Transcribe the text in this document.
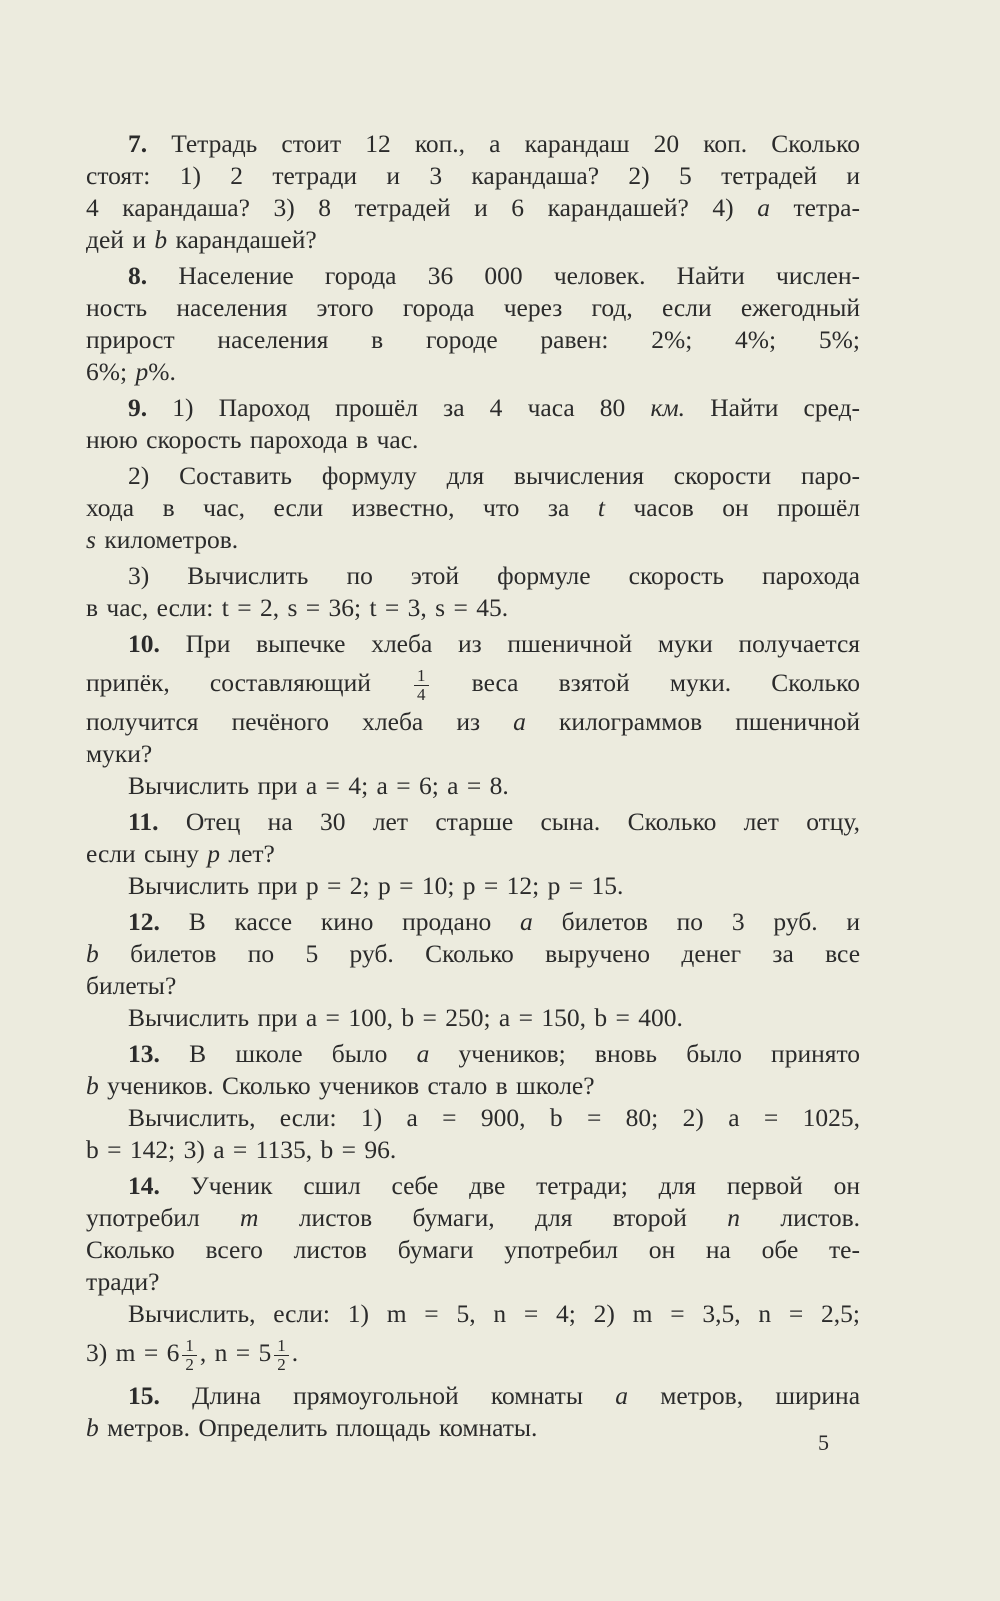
7. Тетрадь стоит 12 коп., а карандаш 20 коп. Сколько

стоят: 1) 2 тетради и 3 карандаша? 2) 5 тетрадей и

4 карандаша? 3) 8 тетрадей и 6 карандашей? 4) a тетра-

дей и b карандашей?

8. Население города 36 000 человек. Найти числен-

ность населения этого города через год, если ежегодный

прирост населения в городе равен: 2%; 4%; 5%;

6%; p%.

9. 1) Пароход прошёл за 4 часа 80 км. Найти сред-

нюю скорость парохода в час.

2) Составить формулу для вычисления скорости паро-

хода в час, если известно, что за t часов он прошёл

s километров.

3) Вычислить по этой формуле скорость парохода

в час, если: t = 2, s = 36; t = 3, s = 45.

10. При выпечке хлеба из пшеничной муки получается

припёк, составляющий	$\frac{1}{4}$ веса взятой муки. Сколько

получится печёного хлеба из a килограммов пшеничной

муки?

Вычислить при a = 4; a = 6; a = 8.

11. Отец на 30 лет старше сына. Сколько лет отцу,

если сыну p лет?

Вычислить при p = 2; p = 10; p = 12; p = 15.

12. В кассе кино продано a билетов по 3 руб. и

b билетов по 5 руб. Сколько выручено денег за все

билеты?

Вычислить при a = 100, b = 250; a = 150, b = 400.

13. В школе было a учеников; вновь было принято

b учеников. Сколько учеников стало в школе?

Вычислить, если: 1) a = 900, b = 80; 2) a = 1025,

b = 142; 3) a = 1135, b = 96.

14. Ученик сшил себе две тетради; для первой он

употребил m листов бумаги, для второй n листов.

Сколько всего листов бумаги употребил он на обе те-

тради?

Вычислить, если: 1) m = 5, n = 4; 2) m = 3,5, n = 2,5;

3) $m = 6 \frac{1}{2}$ , $n = 5 \frac{1}{2}$ .

15. Длина прямоугольной комнаты a метров, ширина

b метров. Определить площадь комнаты.

5
